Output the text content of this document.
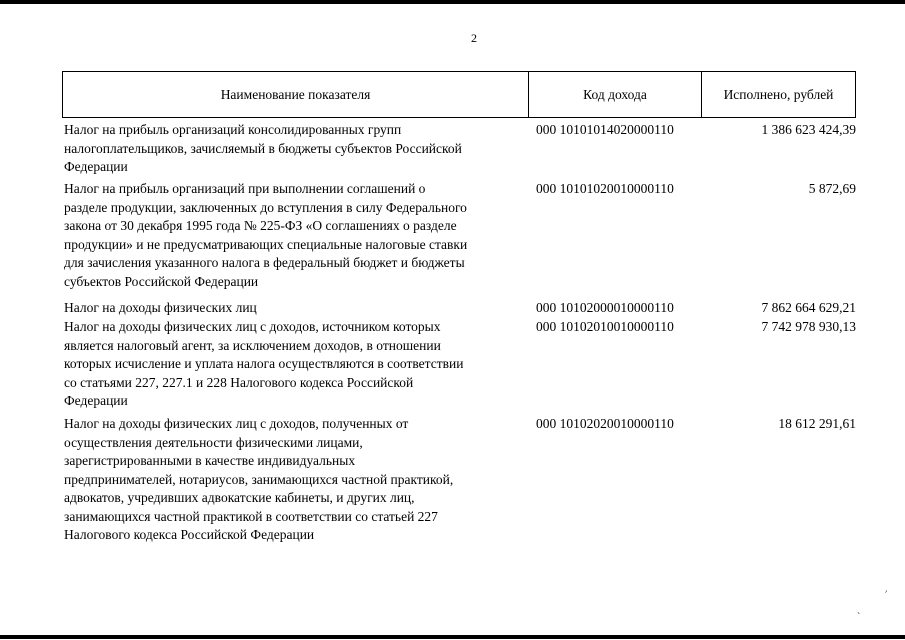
2
Наименование показателя	Код дохода	Исполнено, рублей
Налог на прибыль организаций консолидированных групп
налогоплательщиков, зачисляемый в бюджеты субъектов Российской
Федерации
000 10101014020000110	1 386 623 424,39
Налог на прибыль организаций при выполнении соглашений о
разделе продукции, заключенных до вступления в силу Федерального
закона от 30 декабря 1995 года № 225-ФЗ «О соглашениях о разделе
продукции» и не предусматривающих специальные налоговые ставки
для зачисления указанного налога в федеральный бюджет и бюджеты
субъектов Российской Федерации
000 10101020010000110	5 872,69
Налог на доходы физических лиц	000 10102000010000110	7 862 664 629,21
Налог на доходы физических лиц с доходов, источником которых
является налоговый агент, за исключением доходов, в отношении
которых исчисление и уплата налога осуществляются в соответствии
со статьями 227, 227.1 и 228 Налогового кодекса Российской
Федерации
000 10102010010000110	7 742 978 930,13
Налог на доходы физических лиц с доходов, полученных от
осуществления деятельности физическими лицами,
зарегистрированными в качестве индивидуальных
предпринимателей, нотариусов, занимающихся частной практикой,
адвокатов, учредивших адвокатские кабинеты, и других лиц,
занимающихся частной практикой в соответствии со статьей 227
Налогового кодекса Российской Федерации
000 10102020010000110	18 612 291,61
׳
`
